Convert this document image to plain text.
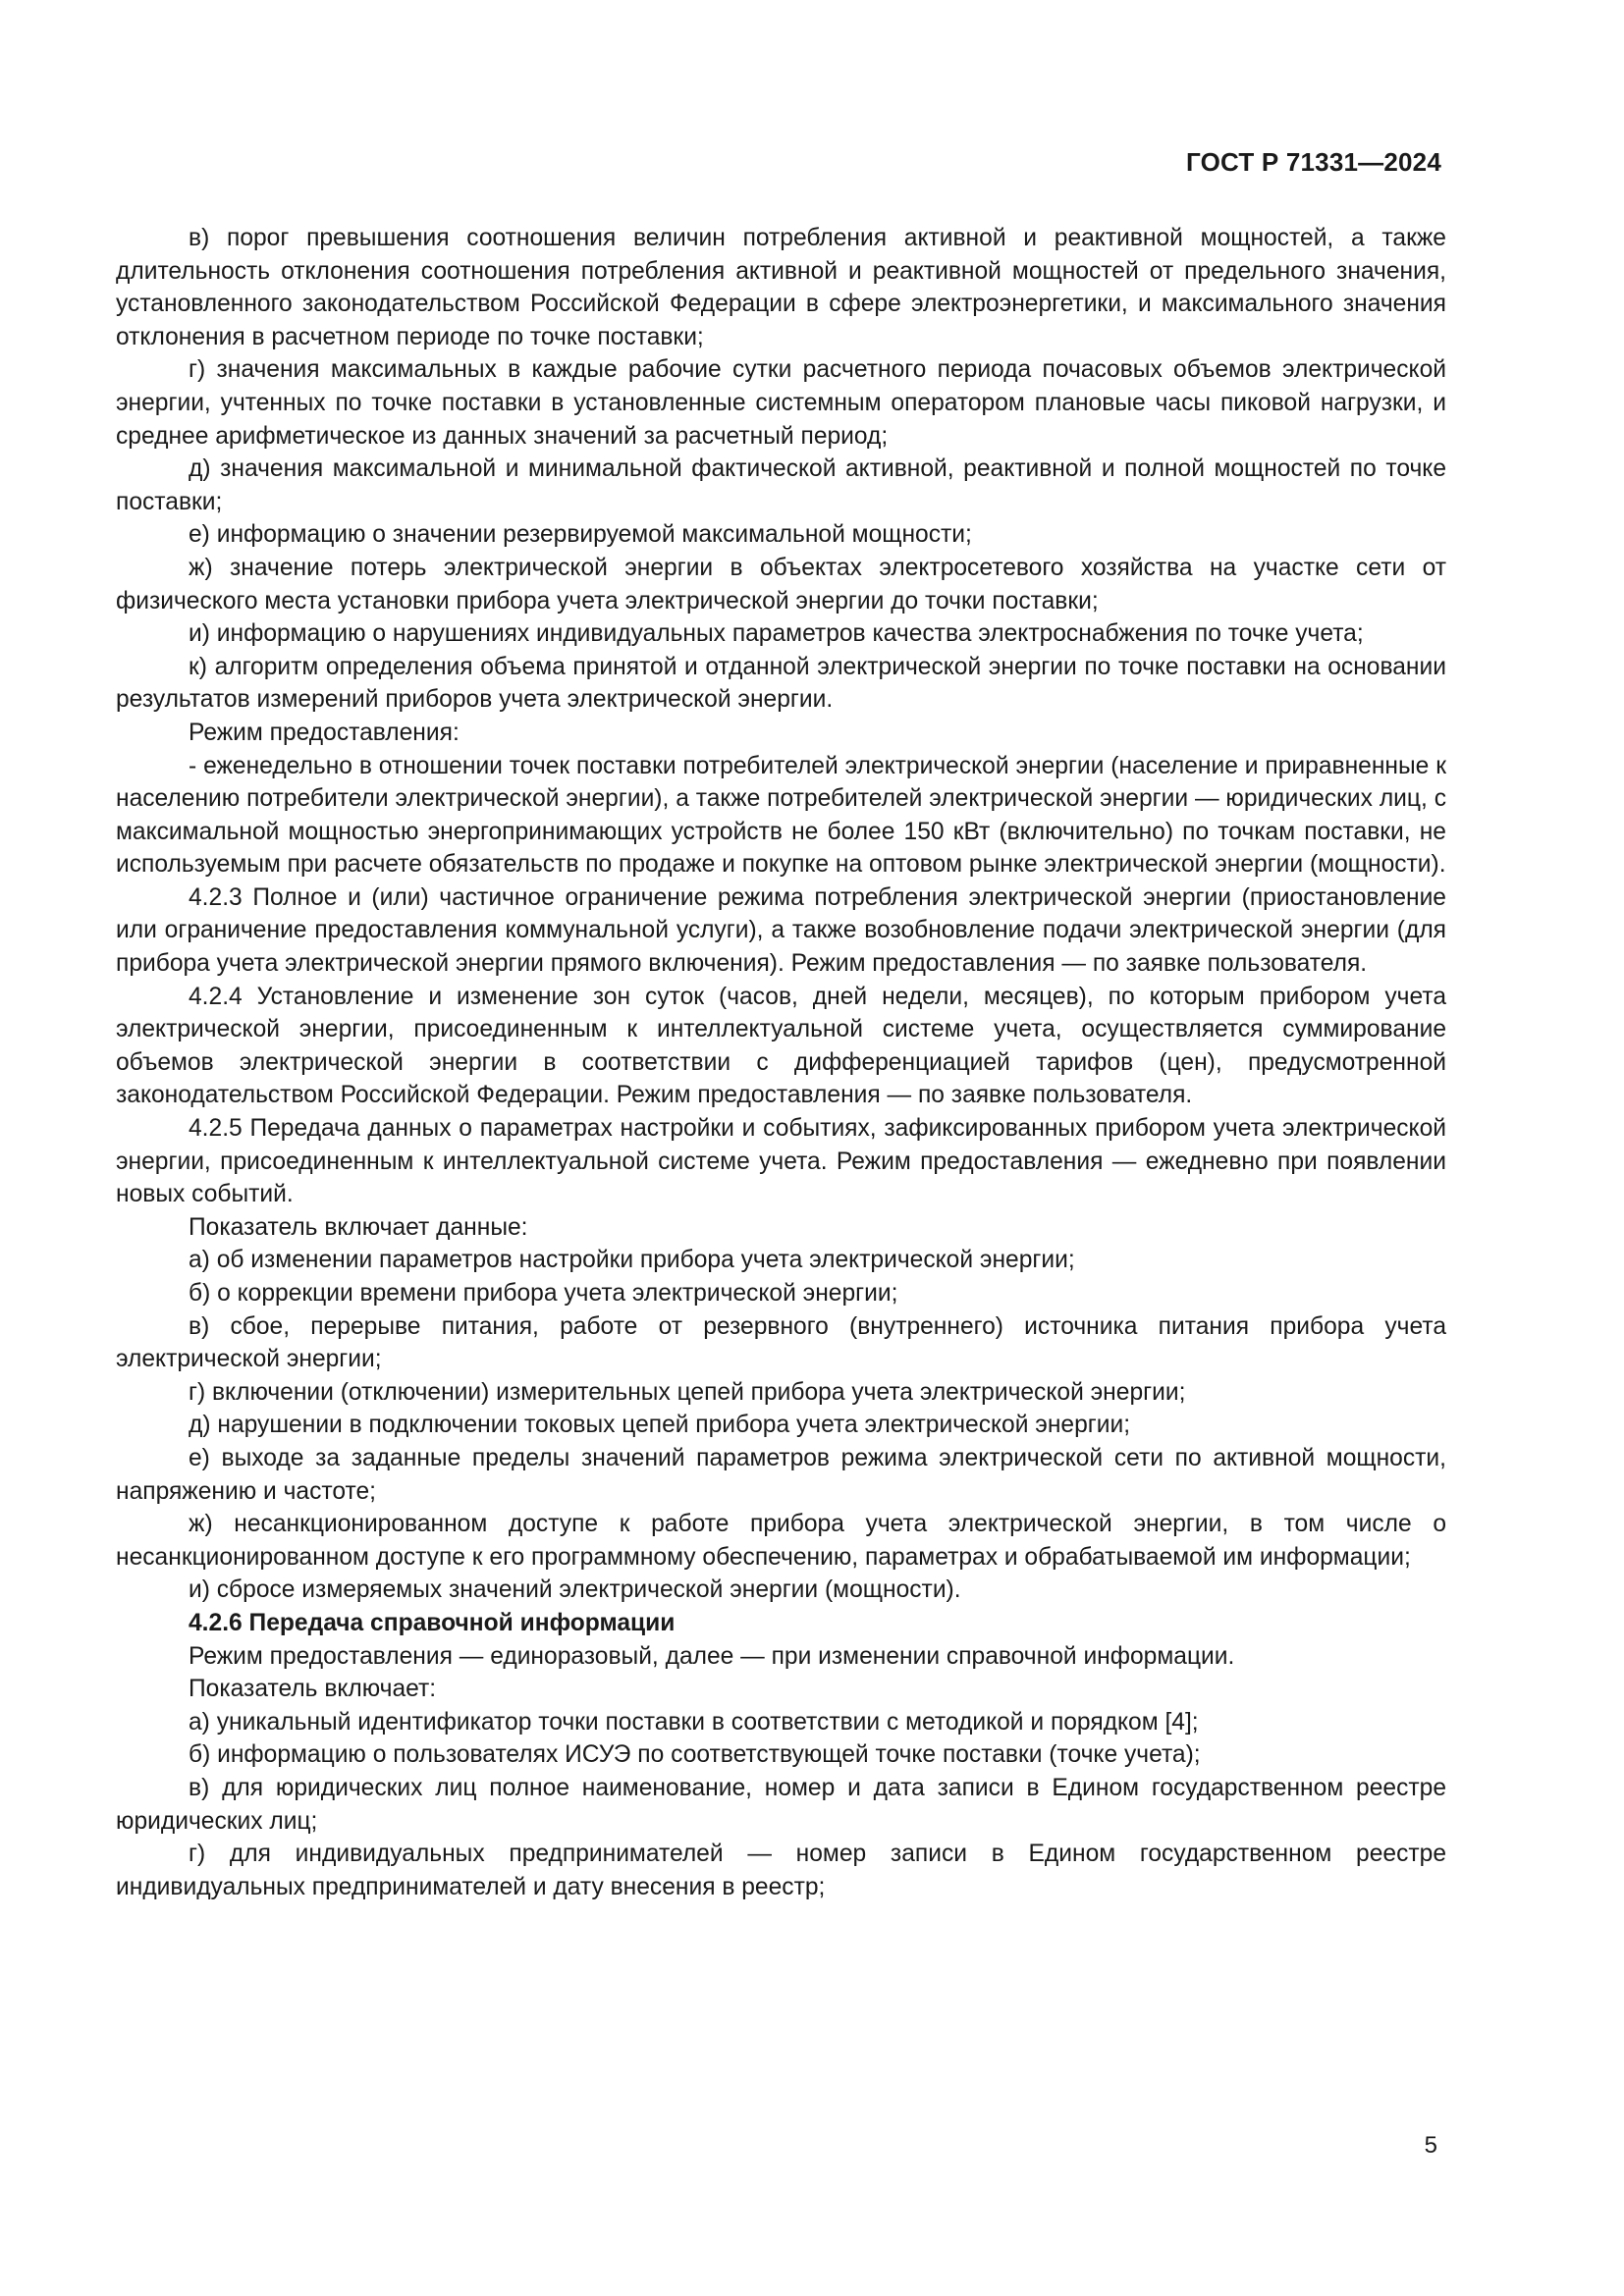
ГОСТ Р 71331—2024

в) порог превышения соотношения величин потребления активной и реактивной мощностей, а также длительность отклонения соотношения потребления активной и реактивной мощностей от предельного значения, установленного законодательством Российской Федерации в сфере электроэнергетики, и максимального значения отклонения в расчетном периоде по точке поставки;

г) значения максимальных в каждые рабочие сутки расчетного периода почасовых объемов электрической энергии, учтенных по точке поставки в установленные системным оператором плановые часы пиковой нагрузки, и среднее арифметическое из данных значений за расчетный период;

д) значения максимальной и минимальной фактической активной, реактивной и полной мощностей по точке поставки;

е) информацию о значении резервируемой максимальной мощности;

ж) значение потерь электрической энергии в объектах электросетевого хозяйства на участке сети от физического места установки прибора учета электрической энергии до точки поставки;

и) информацию о нарушениях индивидуальных параметров качества электроснабжения по точке учета;

к) алгоритм определения объема принятой и отданной электрической энергии по точке поставки на основании результатов измерений приборов учета электрической энергии.

Режим предоставления:

- еженедельно в отношении точек поставки потребителей электрической энергии (население и приравненные к населению потребители электрической энергии), а также потребителей электрической энергии — юридических лиц, с максимальной мощностью энергопринимающих устройств не более 150 кВт (включительно) по точкам поставки, не используемым при расчете обязательств по продаже и покупке на оптовом рынке электрической энергии (мощности).

4.2.3 Полное и (или) частичное ограничение режима потребления электрической энергии (приостановление или ограничение предоставления коммунальной услуги), а также возобновление подачи электрической энергии (для прибора учета электрической энергии прямого включения). Режим предоставления — по заявке пользователя.

4.2.4 Установление и изменение зон суток (часов, дней недели, месяцев), по которым прибором учета электрической энергии, присоединенным к интеллектуальной системе учета, осуществляется суммирование объемов электрической энергии в соответствии с дифференциацией тарифов (цен), предусмотренной законодательством Российской Федерации. Режим предоставления — по заявке пользователя.

4.2.5 Передача данных о параметрах настройки и событиях, зафиксированных прибором учета электрической энергии, присоединенным к интеллектуальной системе учета. Режим предоставления — ежедневно при появлении новых событий.

Показатель включает данные:

а) об изменении параметров настройки прибора учета электрической энергии;

б) о коррекции времени прибора учета электрической энергии;

в) сбое, перерыве питания, работе от резервного (внутреннего) источника питания прибора учета электрической энергии;

г) включении (отключении) измерительных цепей прибора учета электрической энергии;

д) нарушении в подключении токовых цепей прибора учета электрической энергии;

е) выходе за заданные пределы значений параметров режима электрической сети по активной мощности, напряжению и частоте;

ж) несанкционированном доступе к работе прибора учета электрической энергии, в том числе о несанкционированном доступе к его программному обеспечению, параметрах и обрабатываемой им информации;

и) сбросе измеряемых значений электрической энергии (мощности).

4.2.6 Передача справочной информации

Режим предоставления — единоразовый, далее — при изменении справочной информации.

Показатель включает:

а) уникальный идентификатор точки поставки в соответствии с методикой и порядком [4];

б) информацию о пользователях ИСУЭ по соответствующей точке поставки (точке учета);

в) для юридических лиц полное наименование, номер и дата записи в Едином государственном реестре юридических лиц;

г) для индивидуальных предпринимателей — номер записи в Едином государственном реестре индивидуальных предпринимателей и дату внесения в реестр;

5
